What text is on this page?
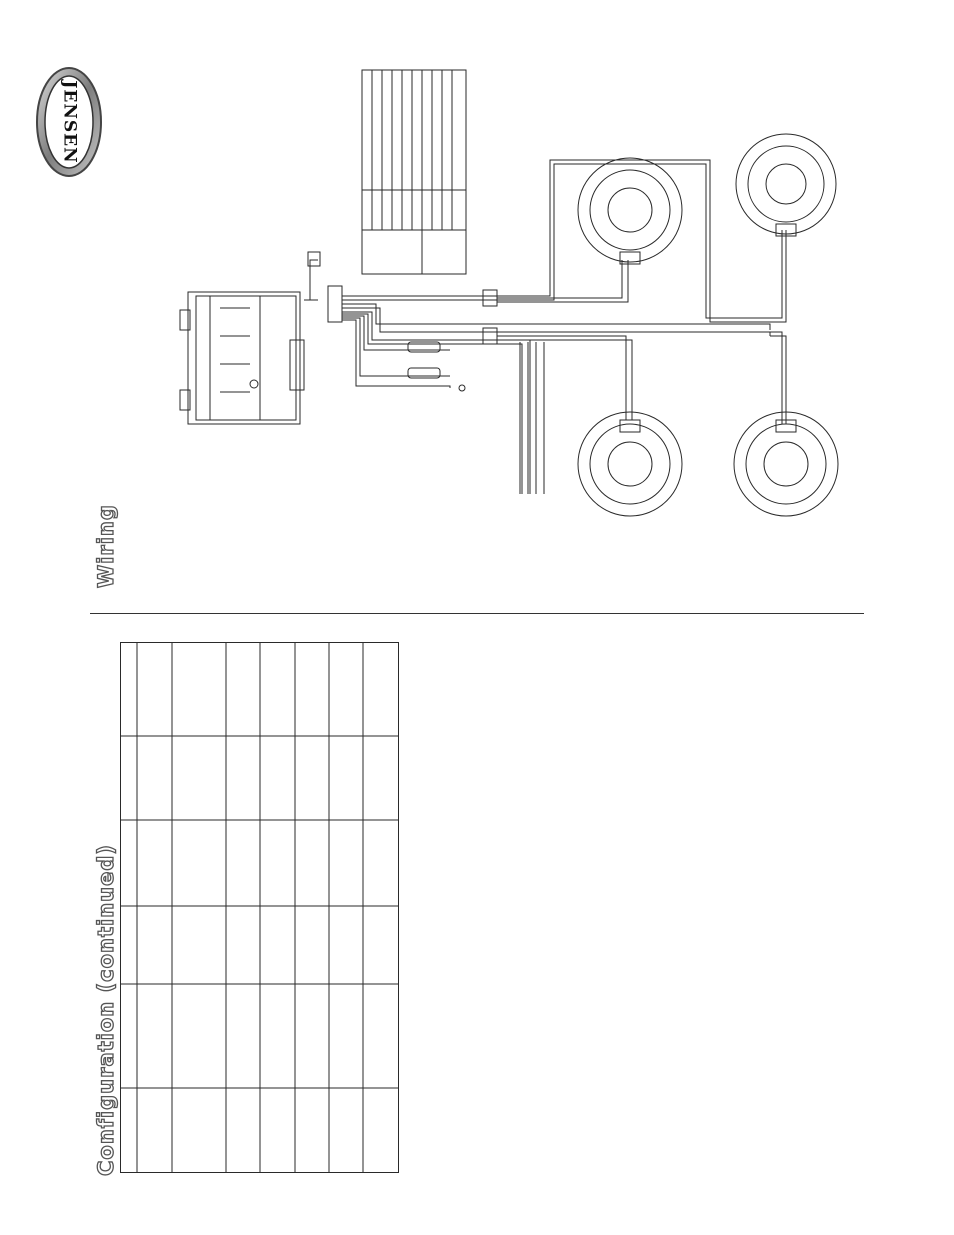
JENSEN
Wiring
Configuration (continued)
